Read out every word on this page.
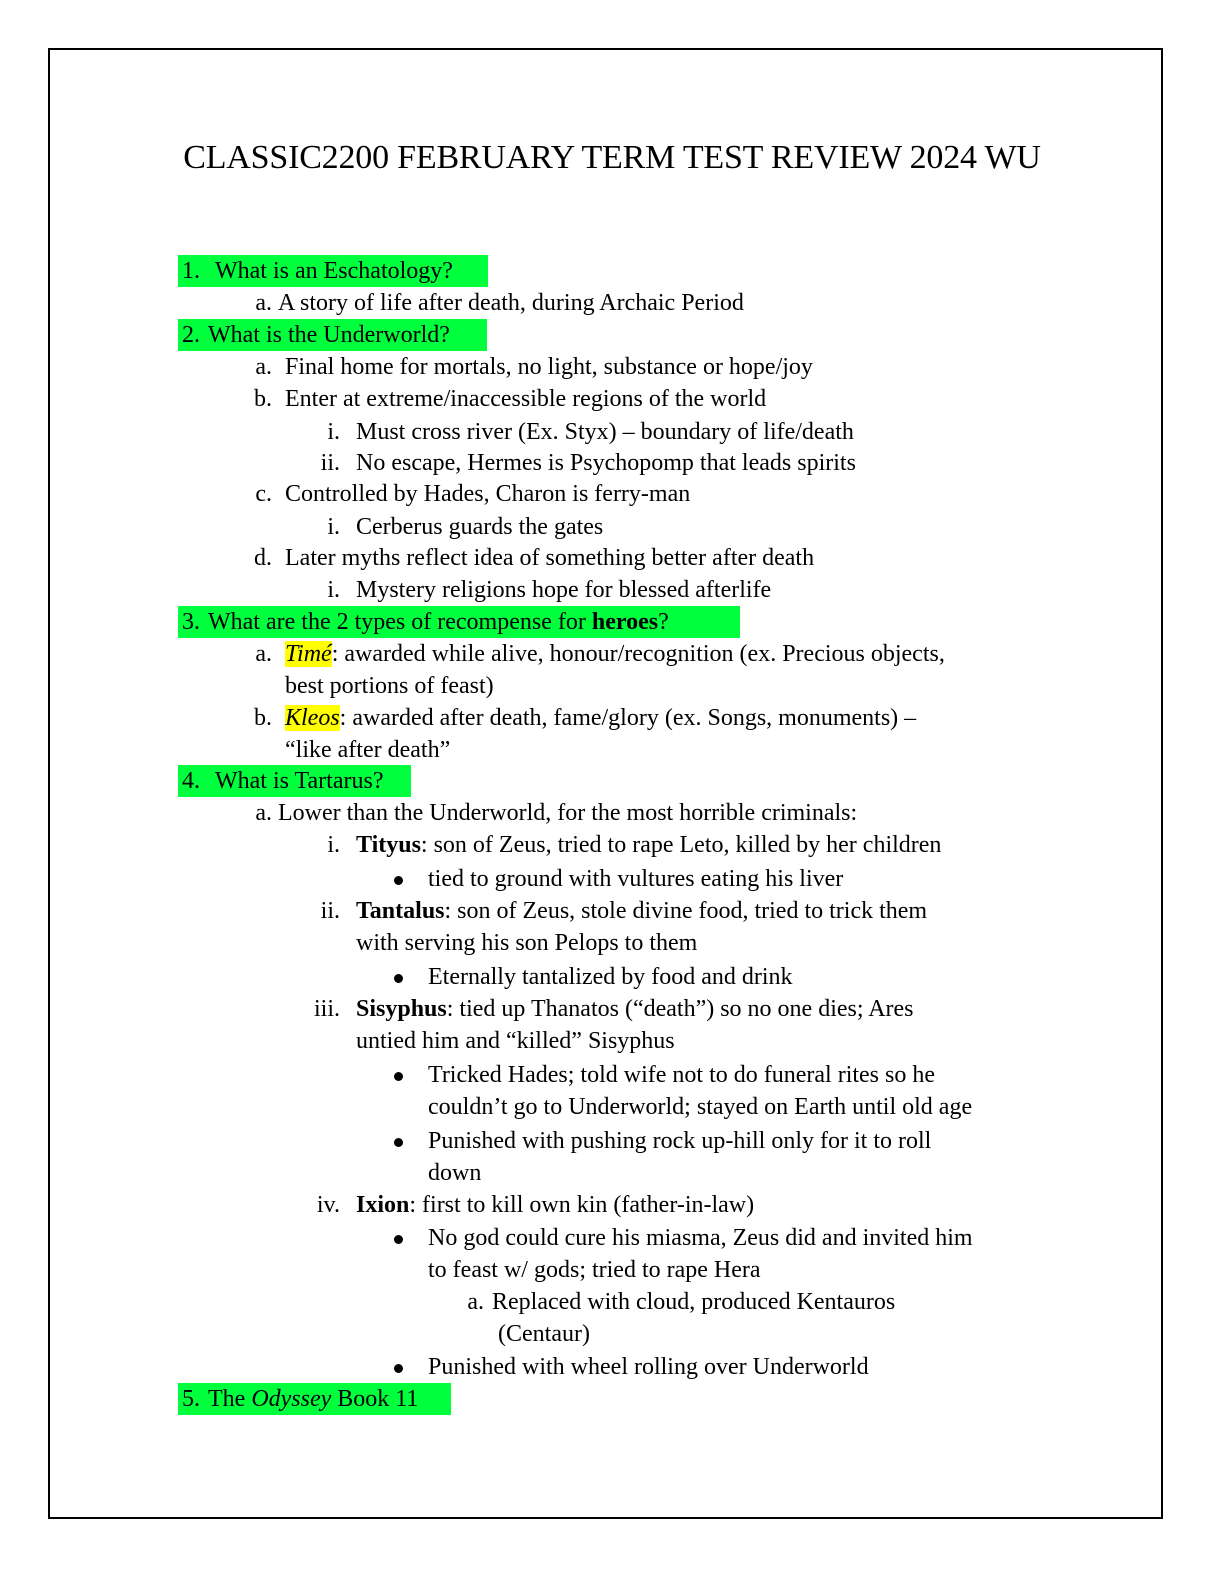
CLASSIC2200 FEBRUARY TERM TEST REVIEW 2024 WU
1. What is an Eschatology?
a. A story of life after death, during Archaic Period
2. What is the Underworld?
a. Final home for mortals, no light, substance or hope/joy
b. Enter at extreme/inaccessible regions of the world
i. Must cross river (Ex. Styx) – boundary of life/death
ii. No escape, Hermes is Psychopomp that leads spirits
c. Controlled by Hades, Charon is ferry-man
i. Cerberus guards the gates
d. Later myths reflect idea of something better after death
i. Mystery religions hope for blessed afterlife
3. What are the 2 types of recompense for heroes?
a. Timé: awarded while alive, honour/recognition (ex. Precious objects,
best portions of feast)
b. Kleos: awarded after death, fame/glory (ex. Songs, monuments) –
“like after death”
4. What is Tartarus?
a. Lower than the Underworld, for the most horrible criminals:
i. Tityus: son of Zeus, tried to rape Leto, killed by her children
tied to ground with vultures eating his liver
ii. Tantalus: son of Zeus, stole divine food, tried to trick them
with serving his son Pelops to them
Eternally tantalized by food and drink
iii. Sisyphus: tied up Thanatos (“death”) so no one dies; Ares
untied him and “killed” Sisyphus
Tricked Hades; told wife not to do funeral rites so he
couldn’t go to Underworld; stayed on Earth until old age
Punished with pushing rock up-hill only for it to roll
down
iv. Ixion: first to kill own kin (father-in-law)
No god could cure his miasma, Zeus did and invited him
to feast w/ gods; tried to rape Hera
a. Replaced with cloud, produced Kentauros
(Centaur)
Punished with wheel rolling over Underworld
5. The Odyssey Book 11
